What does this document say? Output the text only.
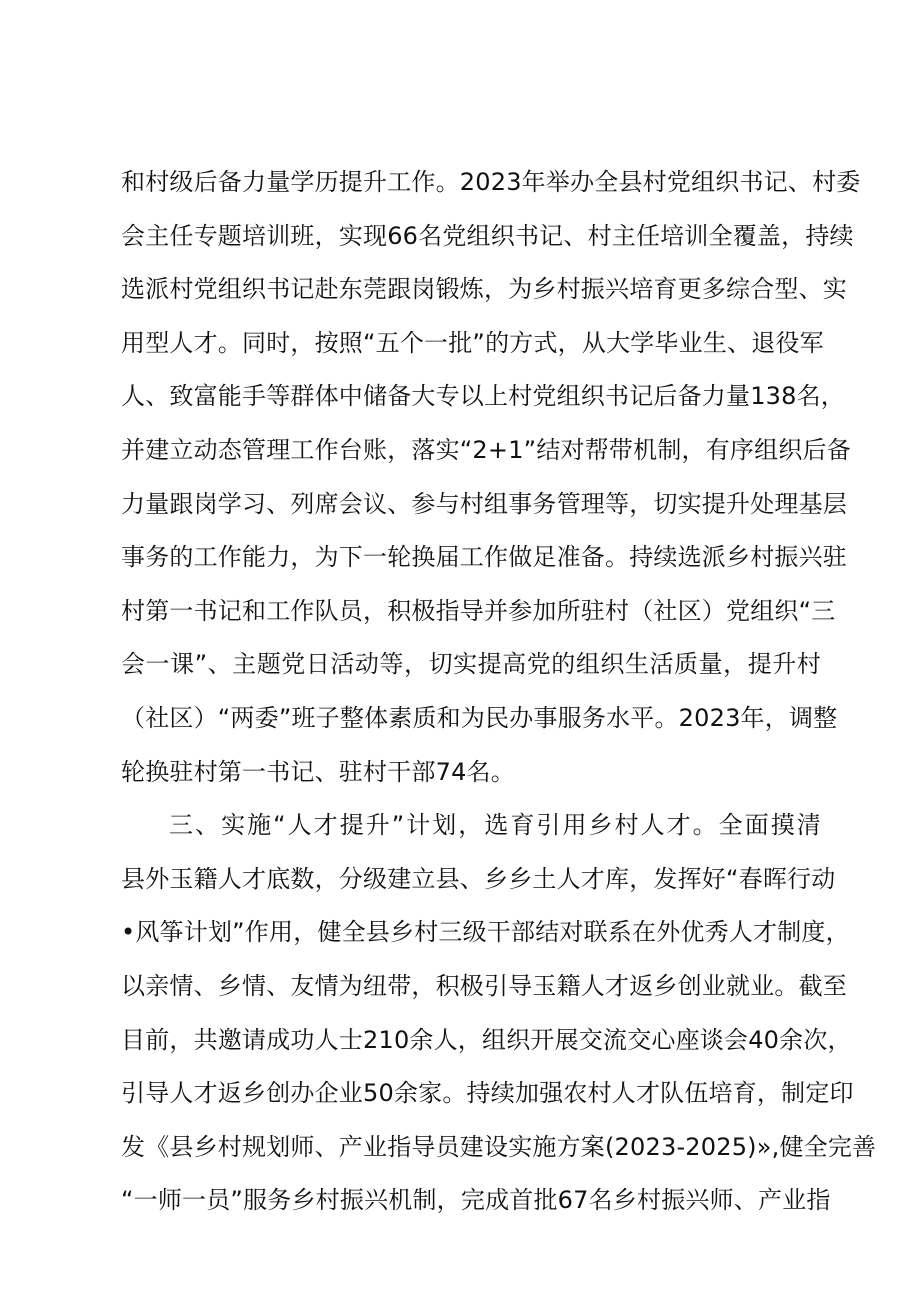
和村级后备力量学历提升工作。2023年举办全县村党组织书记、村委
会主任专题培训班，实现66名党组织书记、村主任培训全覆盖，持续
选派村党组织书记赴东莞跟岗锻炼，为乡村振兴培育更多综合型、实
用型人才。同时，按照“五个一批”的方式，从大学毕业生、退役军
人、致富能手等群体中储备大专以上村党组织书记后备力量138名，
并建立动态管理工作台账，落实“2+1”结对帮带机制，有序组织后备
力量跟岗学习、列席会议、参与村组事务管理等，切实提升处理基层
事务的工作能力，为下一轮换届工作做足准备。持续选派乡村振兴驻
村第一书记和工作队员，积极指导并参加所驻村（社区）党组织“三
会一课”、主题党日活动等，切实提高党的组织生活质量，提升村
（社区）“两委”班子整体素质和为民办事服务水平。2023年，调整
轮换驻村第一书记、驻村干部74名。
三、实施“人才提升”计划，选育引用乡村人才。全面摸清
县外玉籍人才底数，分级建立县、乡乡土人才库，发挥好“春晖行动
•风筝计划”作用，健全县乡村三级干部结对联系在外优秀人才制度，
以亲情、乡情、友情为纽带，积极引导玉籍人才返乡创业就业。截至
目前，共邀请成功人士210余人，组织开展交流交心座谈会40余次，
引导人才返乡创办企业50余家。持续加强农村人才队伍培育，制定印
发《县乡村规划师、产业指导员建设实施方案(2023-2025)»,健全完善
“一师一员”服务乡村振兴机制，完成首批67名乡村振兴师、产业指
